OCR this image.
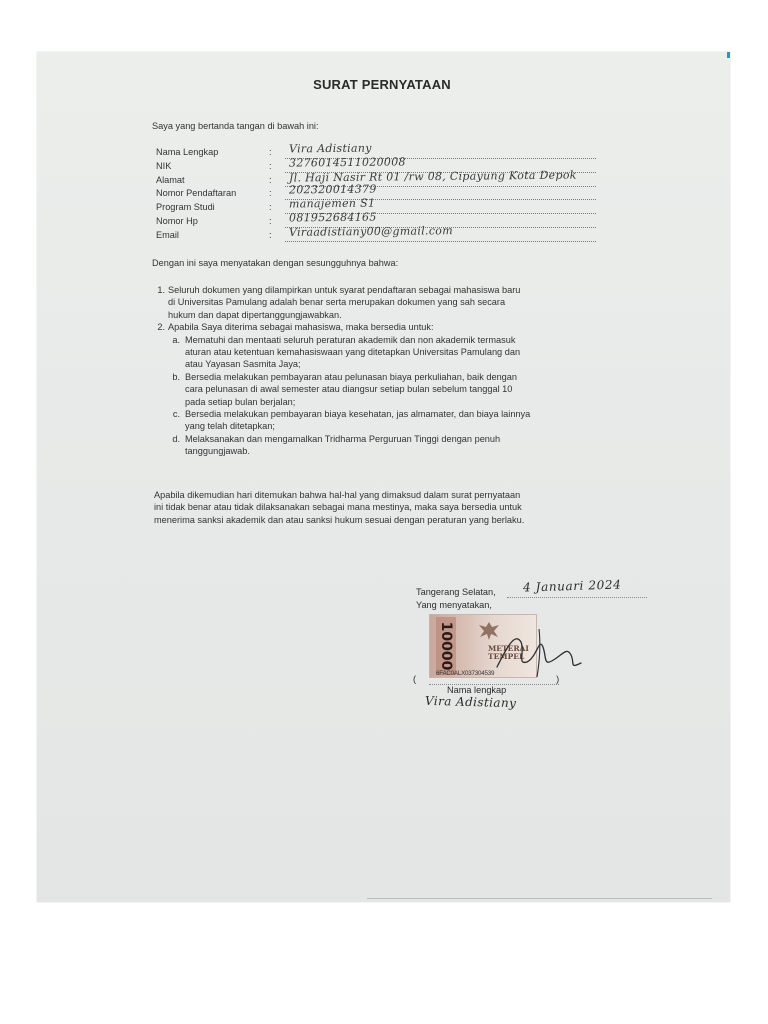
SURAT PERNYATAAN
Saya yang bertanda tangan di bawah ini:
Nama Lengkap	: Vira Adistiany
NIK	: 3276014511020008
Alamat	: Jl. Haji Nasir Rt 01 /rw 08, Cipayung Kota Depok
Nomor Pendaftaran	: 202320014379
Program Studi	: manajemen S1
Nomor Hp	: 081952684165
Email	: Viraadistiany00@gmail.com
Dengan ini saya menyatakan dengan sesungguhnya bahwa:
1. Seluruh dokumen yang dilampirkan untuk syarat pendaftaran sebagai mahasiswa baru
di Universitas Pamulang adalah benar serta merupakan dokumen yang sah secara
hukum dan dapat dipertanggungjawabkan.
2. Apabila Saya diterima sebagai mahasiswa, maka bersedia untuk:
a. Mematuhi dan mentaati seluruh peraturan akademik dan non akademik termasuk
aturan atau ketentuan kemahasiswaan yang ditetapkan Universitas Pamulang dan
atau Yayasan Sasmita Jaya;
b. Bersedia melakukan pembayaran atau pelunasan biaya perkuliahan, baik dengan
cara pelunasan di awal semester atau diangsur setiap bulan sebelum tanggal 10
pada setiap bulan berjalan;
c. Bersedia melakukan pembayaran biaya kesehatan, jas almamater, dan biaya lainnya
yang telah ditetapkan;
d. Melaksanakan dan mengamalkan Tridharma Perguruan Tinggi dengan penuh
tanggungjawab.
Apabila dikemudian hari ditemukan bahwa hal-hal yang dimaksud dalam surat pernyataan
ini tidak benar atau tidak dilaksanakan sebagai mana mestinya, maka saya bersedia untuk
menerima sanksi akademik dan atau sanksi hukum sesuai dengan peraturan yang berlaku.
Tangerang Selatan, 4 Januari 2024
Yang menyatakan,
10000	METERAI
TEMPEL
6FAC0ALX037304539
(	)
Nama lengkap
Vira Adistiany
